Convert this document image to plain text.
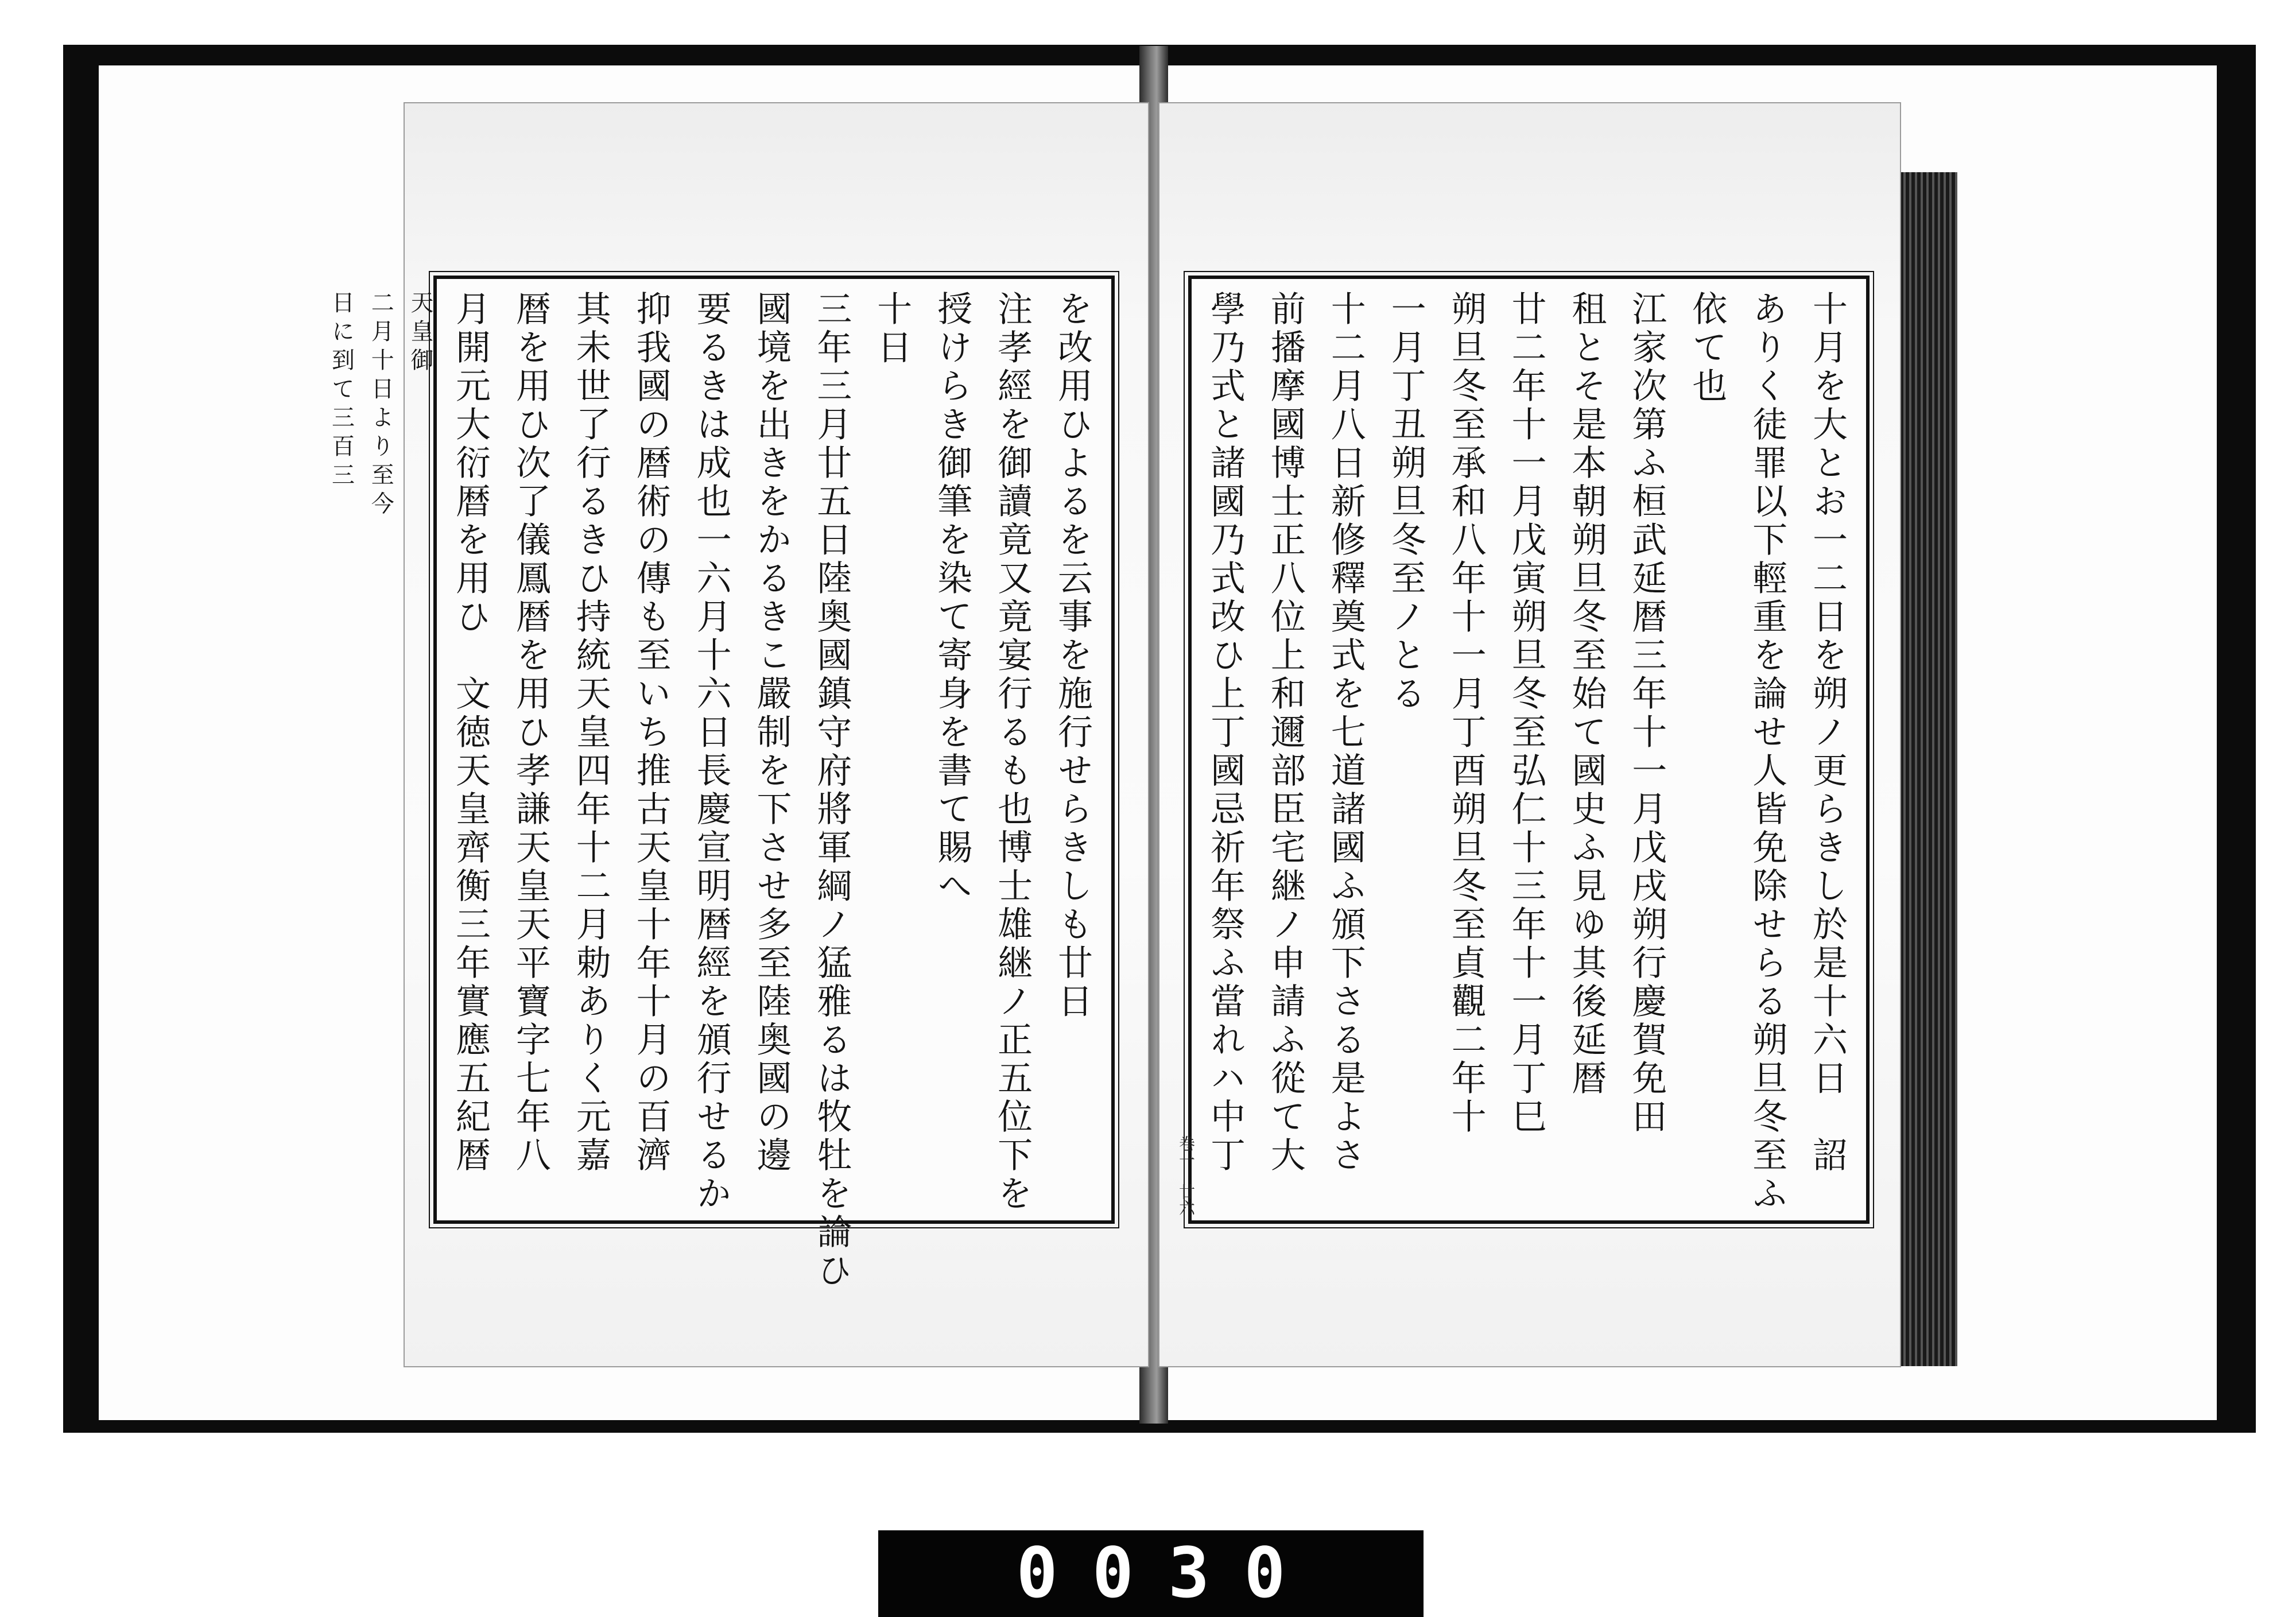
を改用ひよるを云事を施行せらきしも廿日
注孝經を御讀竟又竟宴行るも也博士雄継ノ正五位下を
授けらき御筆を染て寄身を書て賜へ
十日
三年三月廿五日陸奥國鎮守府將軍綱ノ猛雅るは牧牡を論ひ
國境を出きをかるきこ嚴制を下させ多至陸奥國の邊
要るきは成也一六月十六日長慶宣明暦經を頒行せるか
抑我國の暦術の傳も至いち推古天皇十年十月の百濟
其未世了行るきひ持統天皇四年十二月勅ありく元嘉
暦を用ひ次了儀鳳暦を用ひ孝謙天皇天平寶字七年八
月開元大衍暦を用ひ　文徳天皇齊衡三年實應五紀暦
天皇御
二月十日より至今
日に到て三百三	十月を大とお一二日を朔ノ更らきし於是十六日　詔
ありく徒罪以下輕重を論せ人皆免除せらる朔旦冬至ふ
依て也
江家次第ふ桓武延暦三年十一月戊戌朔行慶賀免田
租とそ是本朝朔旦冬至始て國史ふ見ゆ其後延暦
廿二年十一月戊寅朔旦冬至弘仁十三年十一月丁巳
朔旦冬至承和八年十一月丁酉朔旦冬至貞觀二年十
一月丁丑朔旦冬至ノとる
十二月八日新修釋奠式を七道諸國ふ頒下さる是よさ
前播摩國博士正八位上和邇部臣宅継ノ申請ふ從て大
學乃式と諸國乃式改ひ上丁國忌祈年祭ふ當れハ中丁
卷一　廿六
0030
